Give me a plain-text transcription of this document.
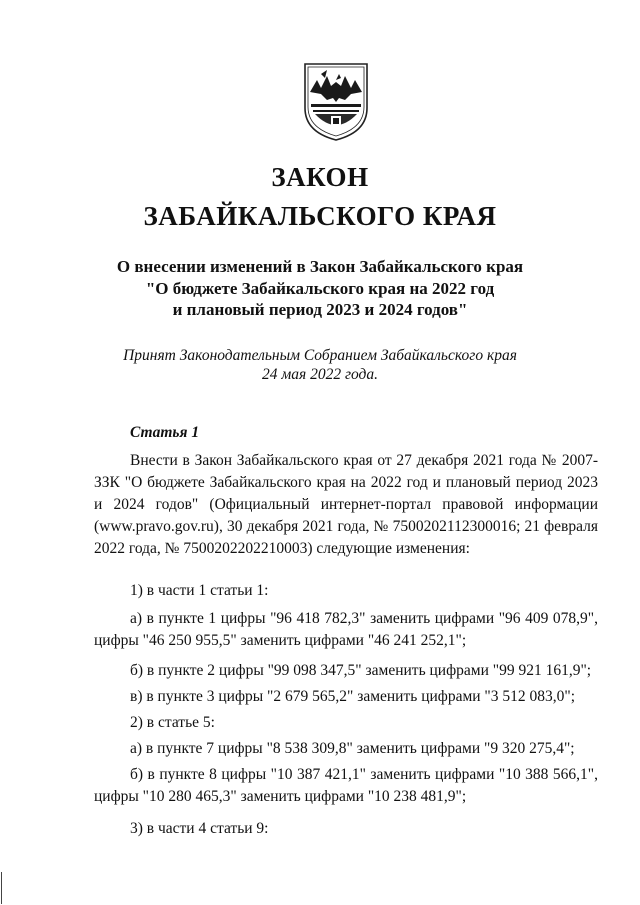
ЗАКОН
ЗАБАЙКАЛЬСКОГО КРАЯ
О внесении изменений в Закон Забайкальского края
"О бюджете Забайкальского края на 2022 год
и плановый период 2023 и 2024 годов"
Принят Законодательным Собранием Забайкальского края
24 мая 2022 года.
Статья 1
Внести в Закон Забайкальского края от 27 декабря 2021 года № 2007-ЗЗК "О бюджете Забайкальского края на 2022 год и плановый период 2023 и 2024 годов" (Официальный интернет-портал правовой информации (www.pravo.gov.ru), 30 декабря 2021 года, № 7500202112300016; 21 февраля 2022 года, № 7500202202210003) следующие изменения:
1) в части 1 статьи 1:
а) в пункте 1 цифры "96 418 782,3" заменить цифрами "96 409 078,9", цифры "46 250 955,5" заменить цифрами "46 241 252,1";
б) в пункте 2 цифры "99 098 347,5" заменить цифрами "99 921 161,9";
в) в пункте 3 цифры "2 679 565,2" заменить цифрами "3 512 083,0";
2) в статье 5:
а) в пункте 7 цифры "8 538 309,8" заменить цифрами "9 320 275,4";
б) в пункте 8 цифры "10 387 421,1" заменить цифрами "10 388 566,1", цифры "10 280 465,3" заменить цифрами "10 238 481,9";
3) в части 4 статьи 9:
